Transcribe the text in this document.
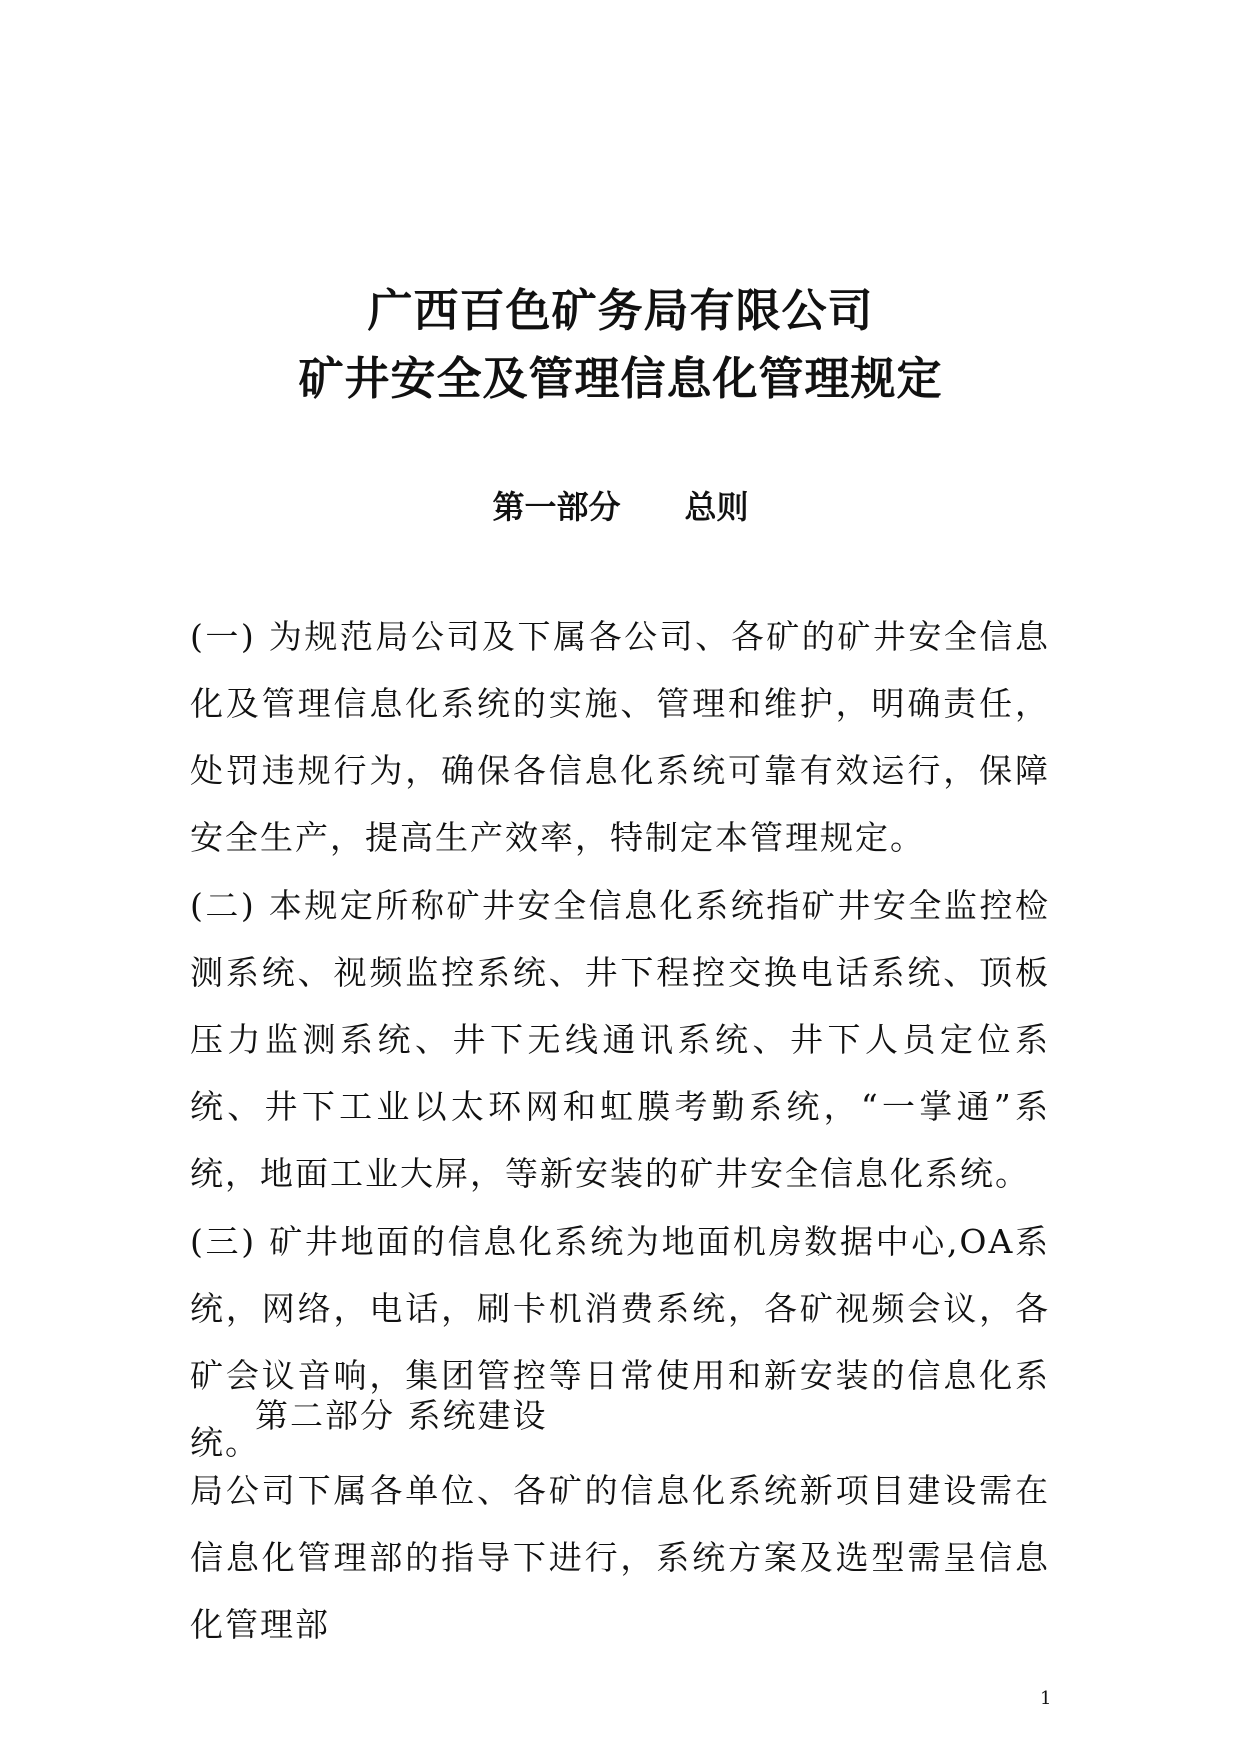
广西百色矿务局有限公司
矿井安全及管理信息化管理规定
第一部分 总则

(一) 为规范局公司及下属各公司、各矿的矿井安全信息化及管理信息化系统的实施、管理和维护，明确责任，处罚违规行为，确保各信息化系统可靠有效运行，保障安全生产，提高生产效率，特制定本管理规定。

(二) 本规定所称矿井安全信息化系统指矿井安全监控检测系统、视频监控系统、井下程控交换电话系统、顶板压力监测系统、井下无线通讯系统、井下人员定位系统、井下工业以太环网和虹膜考勤系统，“一掌通”系统，地面工业大屏，等新安装的矿井安全信息化系统。

(三) 矿井地面的信息化系统为地面机房数据中心,OA系统，网络，电话，刷卡机消费系统，各矿视频会议，各矿会议音响，集团管控等日常使用和新安装的信息化系统。

第二部分 系统建设

局公司下属各单位、各矿的信息化系统新项目建设需在信息化管理部的指导下进行，系统方案及选型需呈信息化管理部

1
